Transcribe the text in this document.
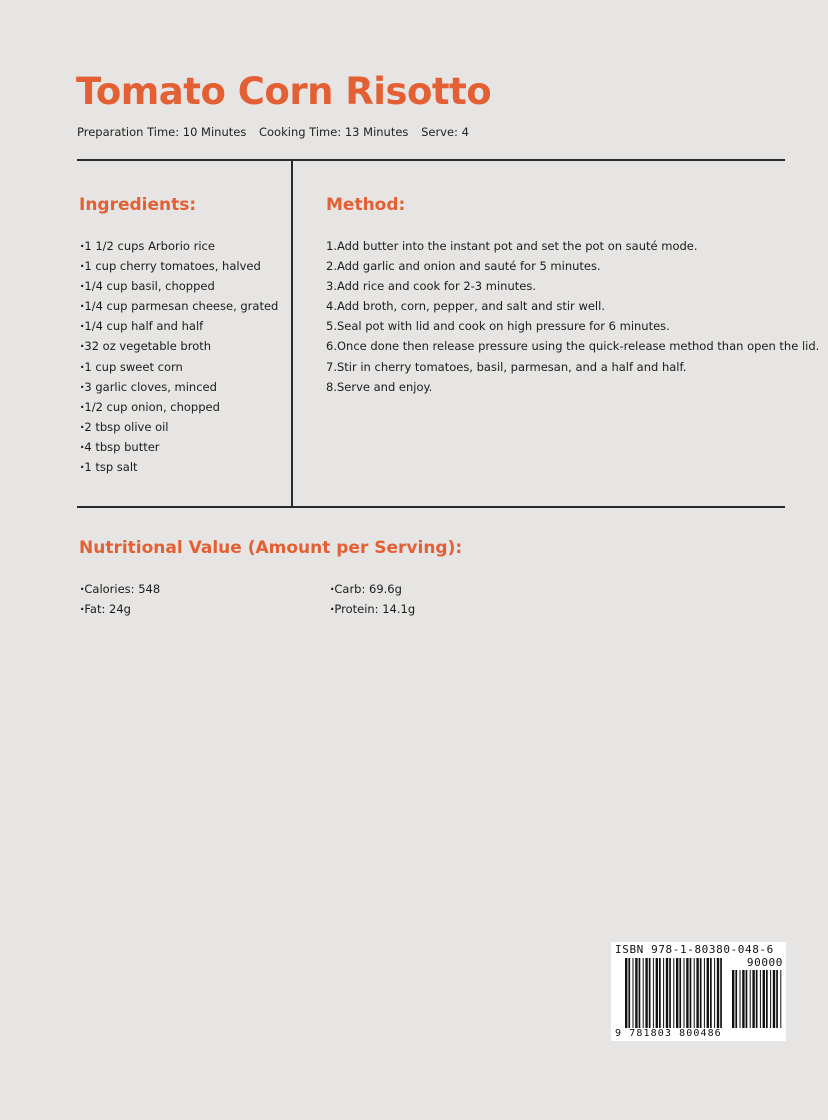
Tomato Corn Risotto
Preparation Time: 10 Minutes Cooking Time: 13 Minutes Serve: 4
Ingredients:
· 1 1/2 cups Arborio rice
· 1 cup cherry tomatoes, halved
· 1/4 cup basil, chopped
· 1/4 cup parmesan cheese, grated
· 1/4 cup half and half
· 32 oz vegetable broth
· 1 cup sweet corn
· 3 garlic cloves, minced
· 1/2 cup onion, chopped
· 2 tbsp olive oil
· 4 tbsp butter
· 1 tsp salt
Method:
1.Add butter into the instant pot and set the pot on sauté mode.
2.Add garlic and onion and sauté for 5 minutes.
3.Add rice and cook for 2-3 minutes.
4.Add broth, corn, pepper, and salt and stir well.
5.Seal pot with lid and cook on high pressure for 6 minutes.
6.Once done then release pressure using the quick-release method than open the lid.
7.Stir in cherry tomatoes, basil, parmesan, and a half and half.
8.Serve and enjoy.
Nutritional Value (Amount per Serving):
· Calories: 548
· Fat: 24g
· Carb: 69.6g
· Protein: 14.1g
ISBN 978-1-80380-048-6
90000
9 781803 800486
